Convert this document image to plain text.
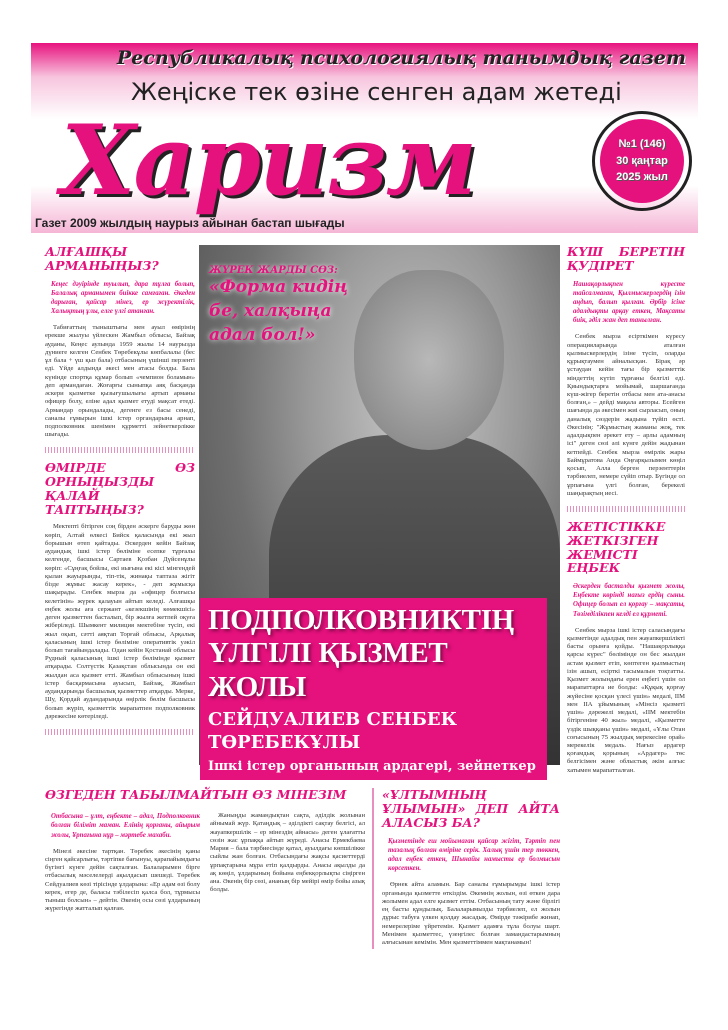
Республикалық психологиялық танымдық газет
Жеңіске тек өзіне сенген адам жетеді
Харизм	№1 (146)
30 қаңтар
2025 жыл
Газет 2009 жылдың наурыз айынан бастап шығады
АЛҒАШҚЫ АРМАНЫҢЫЗ?
Кеңес дәуірінде туылып, дара тұлға болып, Балалық арманымен биікке самғаған. Әкеден дарыған, қайсар мінез, ер жүректілік, Халықтың ұлы, елге үлгі атанған.

Табиғаттың тыныштығы мен ауыл өмірінің ерекше жылуы үйлескен Жамбыл облысы, Байзақ ауданы, Кеңес аулында 1959 жылы 14 наурызда дүниеге келген Сенбек Төребекұлы көпбалалы (бес ұл бала + үш қыз бала) отбасының үшінші перзенті еді. Үйде алдында әкесі мен атасы болды. Бала күнінде спортқа құмар болып «чемпион боламын» деп армандаған. Жоғарғы сыныпқа аяқ басқанда әскери қызметке қызығушылығы артып арманы офицер болу, еліне адал қызмет етуді мақсат етеді. Армандар орындалады, дегенге ез басы сенеді, саналы ғұмырын ішкі істер органдарына арнап, подполковник шенімен құрметті зейнеткерлікке шығады.

ӨМІРДЕ ӨЗ ОРНЫҢЫЗДЫ ҚАЛАЙ ТАПТЫҢЫЗ?

Мектепті бітірген соң бірден әскерге баруды жөн көріп, Алтай өлкесі Бийск қаласында екі жыл борышын өтеп қайтады. Әскерден кейін Байзақ аудандық ішкі істер бөліміне есепке тұрғалы келгенде, басшысы Сартаев Қозбан Дүйсенұлы көріп: «Сұңғақ бойлы, екі иығына екі кісі мінгендей қылан жауырынды, тіп-тік, жинақы таптаза жігіт бізде жұмыс жасау керек», - деп жұмысқа шақырады. Сенбек мырза да «офицер болғысы келетінін» жүрек қалауын айтып келеді. Алғашқы еңбек жолы аға сержант «кезекшінің көмекшісі» деген қызметтен басталып, бір жылға жетпей оқуға жіберіледі. Шымкент милиция мектебіне түсіп, екі жыл оқып, сәтті аяқтап Торғай облысы, Арқалық қаласының ішкі істер бөліміне оперативтік уәкіл болып тағайындалады. Одан кейін Қостанай облысы Рудный қаласының ішкі істер бөлімінде қызмет атқарады. Солтүстік Қазақстан облысында он екі жылдан аса қызмет етті. Жамбыл облысының ішкі істер басқармасына ауысып, Байзақ, Жамбыл аудандарында басшылық қызметтер атқарды. Мерке, Шу, Қордай аудандарында өңірлік бөлім басшысы болып жүріп, қызметтік марапатпен подполковник дәрежесіне көтеріледі.

ЖҮРЕК ЖАРДЫ СӨЗ:
«Форма кидің бе, халқыңа адал бол!»
ПОДПОЛКОВНИКТІҢ ҮЛГІЛІ ҚЫЗМЕТ ЖОЛЫ
СЕЙДУАЛИЕВ СЕНБЕК ТӨРЕБЕКҰЛЫ
Ішкі істер органының ардагері, зейнеткер
КҮШ БЕРЕТІН ҚУДІРЕТ
Нашақорлықпен күресте тайсалмаған, Қылмыскерлердің ізін аңдып, балып қылған. Әрбір ісіне адалдықты арқау еткен, Мақсаты биік, әділ жан деп танылған.

Сенбек мырза есірткімен күресу операцияларында аталған қылмыскерлердің ізіне түсіп, оларды құрықтаумен айналысқан. Бірақ әр ұстаудан кейін тағы бір қызметтік міндеттің күтіп тұрғаны белгілі еді. Қиындықтарға мойымай, шаршағанда күш-жігер беретін отбасы мен ата-анасы болған,» – дейді мақала авторы. Есейген шағында да әкесімен жиі сырласып, оның даналық сөздерін жадына түйіп өсті. Әкесінің: "Жұмыстың жаманы жоқ, тек адалдықпен әрекет ету – арлы адамның ісі" деген сөзі әлі күнге дейін жадынан кетпейді. Сенбек мырза өмірлік жары Баймұратова Анда Оңғарқызымен көңіл қосып, Алла берген перзенттерін тәрбиелеп, немере сүйіп отыр. Бүгінде ол ұрпағына үлгі болған, берекелі шаңырақтың иесі.

ЖЕТІСТІККЕ ЖЕТКІЗГЕН ЖЕМІСТІ ЕҢБЕК
Әскерден басталды қызмет жолы, Еңбекте көрінді нағыз ердің сыны. Офицер болып ел қорғау – мақсаты, Төзімділікпен келді ел құрметі.

Сенбек мырза ішкі істер саласындағы қызметінде адалдық пен жауапкершілікті басты орынға қойды. "Нашақорлыққа қарсы күрес" бөлімінде он бес жылдан астам қызмет етіп, көптеген қылмыстың ізін ашып, есірткі тасымалын тоқтатты. Қызмет жолындағы ерен еңбегі үшін ол марапаттарға ие болды: «Құқық қорғау жүйесіне қосқан үлесі үшін» медалі, ІІМ мен ІІА ұйымының «Мінсіз қызметі үшін» дәрежелі медалі, «ІІМ мектебін бітіргеніне 40 жыл» медалі, «Қызметте үздік шыққаны үшін» медалі, «Ұлы Отан соғысының 75 жылдық мерекесіне орай» мерекелік медаль. Нағыз ардагер қоғамдық қорының «Ардагер» төс белгісімен және облыстық әкім алғыс хатымен марапатталған.

ӨЗГЕДЕН ТАБЫЛМАЙТЫН ӨЗ МІНЕЗІМ
Отбасына – ұлт, еңбекте – адал, Подполковник болған біліміт маман. Елінің қорғаны, айырым жолы, Ұрпағына нұр – мәртебе махаби.

Мінезі әкесіне тартқан. Төребек әкесінің қаны сіңген қайсарлығы, тәртіпке бағынуы, қарапайымдығы бүгінгі күнге дейін сақталған. Балаларымен бірге отбасылық мәселелерді ақылдасып шешеді. Төребек Сейдуалиев көзі тірісінде ұлдарына: «Ер адам өзі болу керек, егер де, баласы тәбілесіп қалса бол, тұрмысы тыныш болсын» – дейтін. Әкенің осы сөзі ұлдарының жүрегінде жатталып қалған.

Жаныңды жамандықтан сақта, әділдік жолынан айнымай жүр. Қатаңдық – әділдікті сақтау белгісі, ал жауапкершілік – ер мінездің айнасы» деген ұлағатты сөзін жас ұрпаққа айтып жүреді. Анасы Ермекбаева Мария – бала тәрбиесінде қатал, ауылдағы көпшілікке сыйлы жан болған. Отбасындағы жақсы қасиеттерді ұрпақтарына мұра етіп қалдырды. Анасы ақылды да ақ көңіл, ұлдарының бойына еңбекқорлықты сіңірген ана. Әкенің бір сөзі, ананың бір мейірі өмір бойы азық болды.

«ҰЛТЫМНЫҢ ҰЛЫМЫН» ДЕП АЙТА АЛАСЫЗ БА?
Қызметінде еш мойымаған қайсар жігіт, Тәртіп пен тазалық болған өміріне серік. Халық үшін тер төккен, адал еңбек еткен, Шынайы намысты ер болмысын көрсеткен.

Өрнек айта аламын. Бар саналы ғұмырымды ішкі істер органында қызметте өткіздім. Әкемнің жолын, өзі өткен дара жолымен адал елге қызмет еттім. Отбасының тату және бірлігі ең басты құндылық. Балаларымызды тәрбиелеп, ел жолын дұрыс табуға үлкен қолдау жасадық. Өмірде тәжірибе жинап, немерелеріме үйретемін. Қызмет адамға тұла болуы шарт. Менімен қызметтес, үзеңгілес болған замандастарымның алғысынан кемімін. Мен қызметтіммен мақтанамын!
